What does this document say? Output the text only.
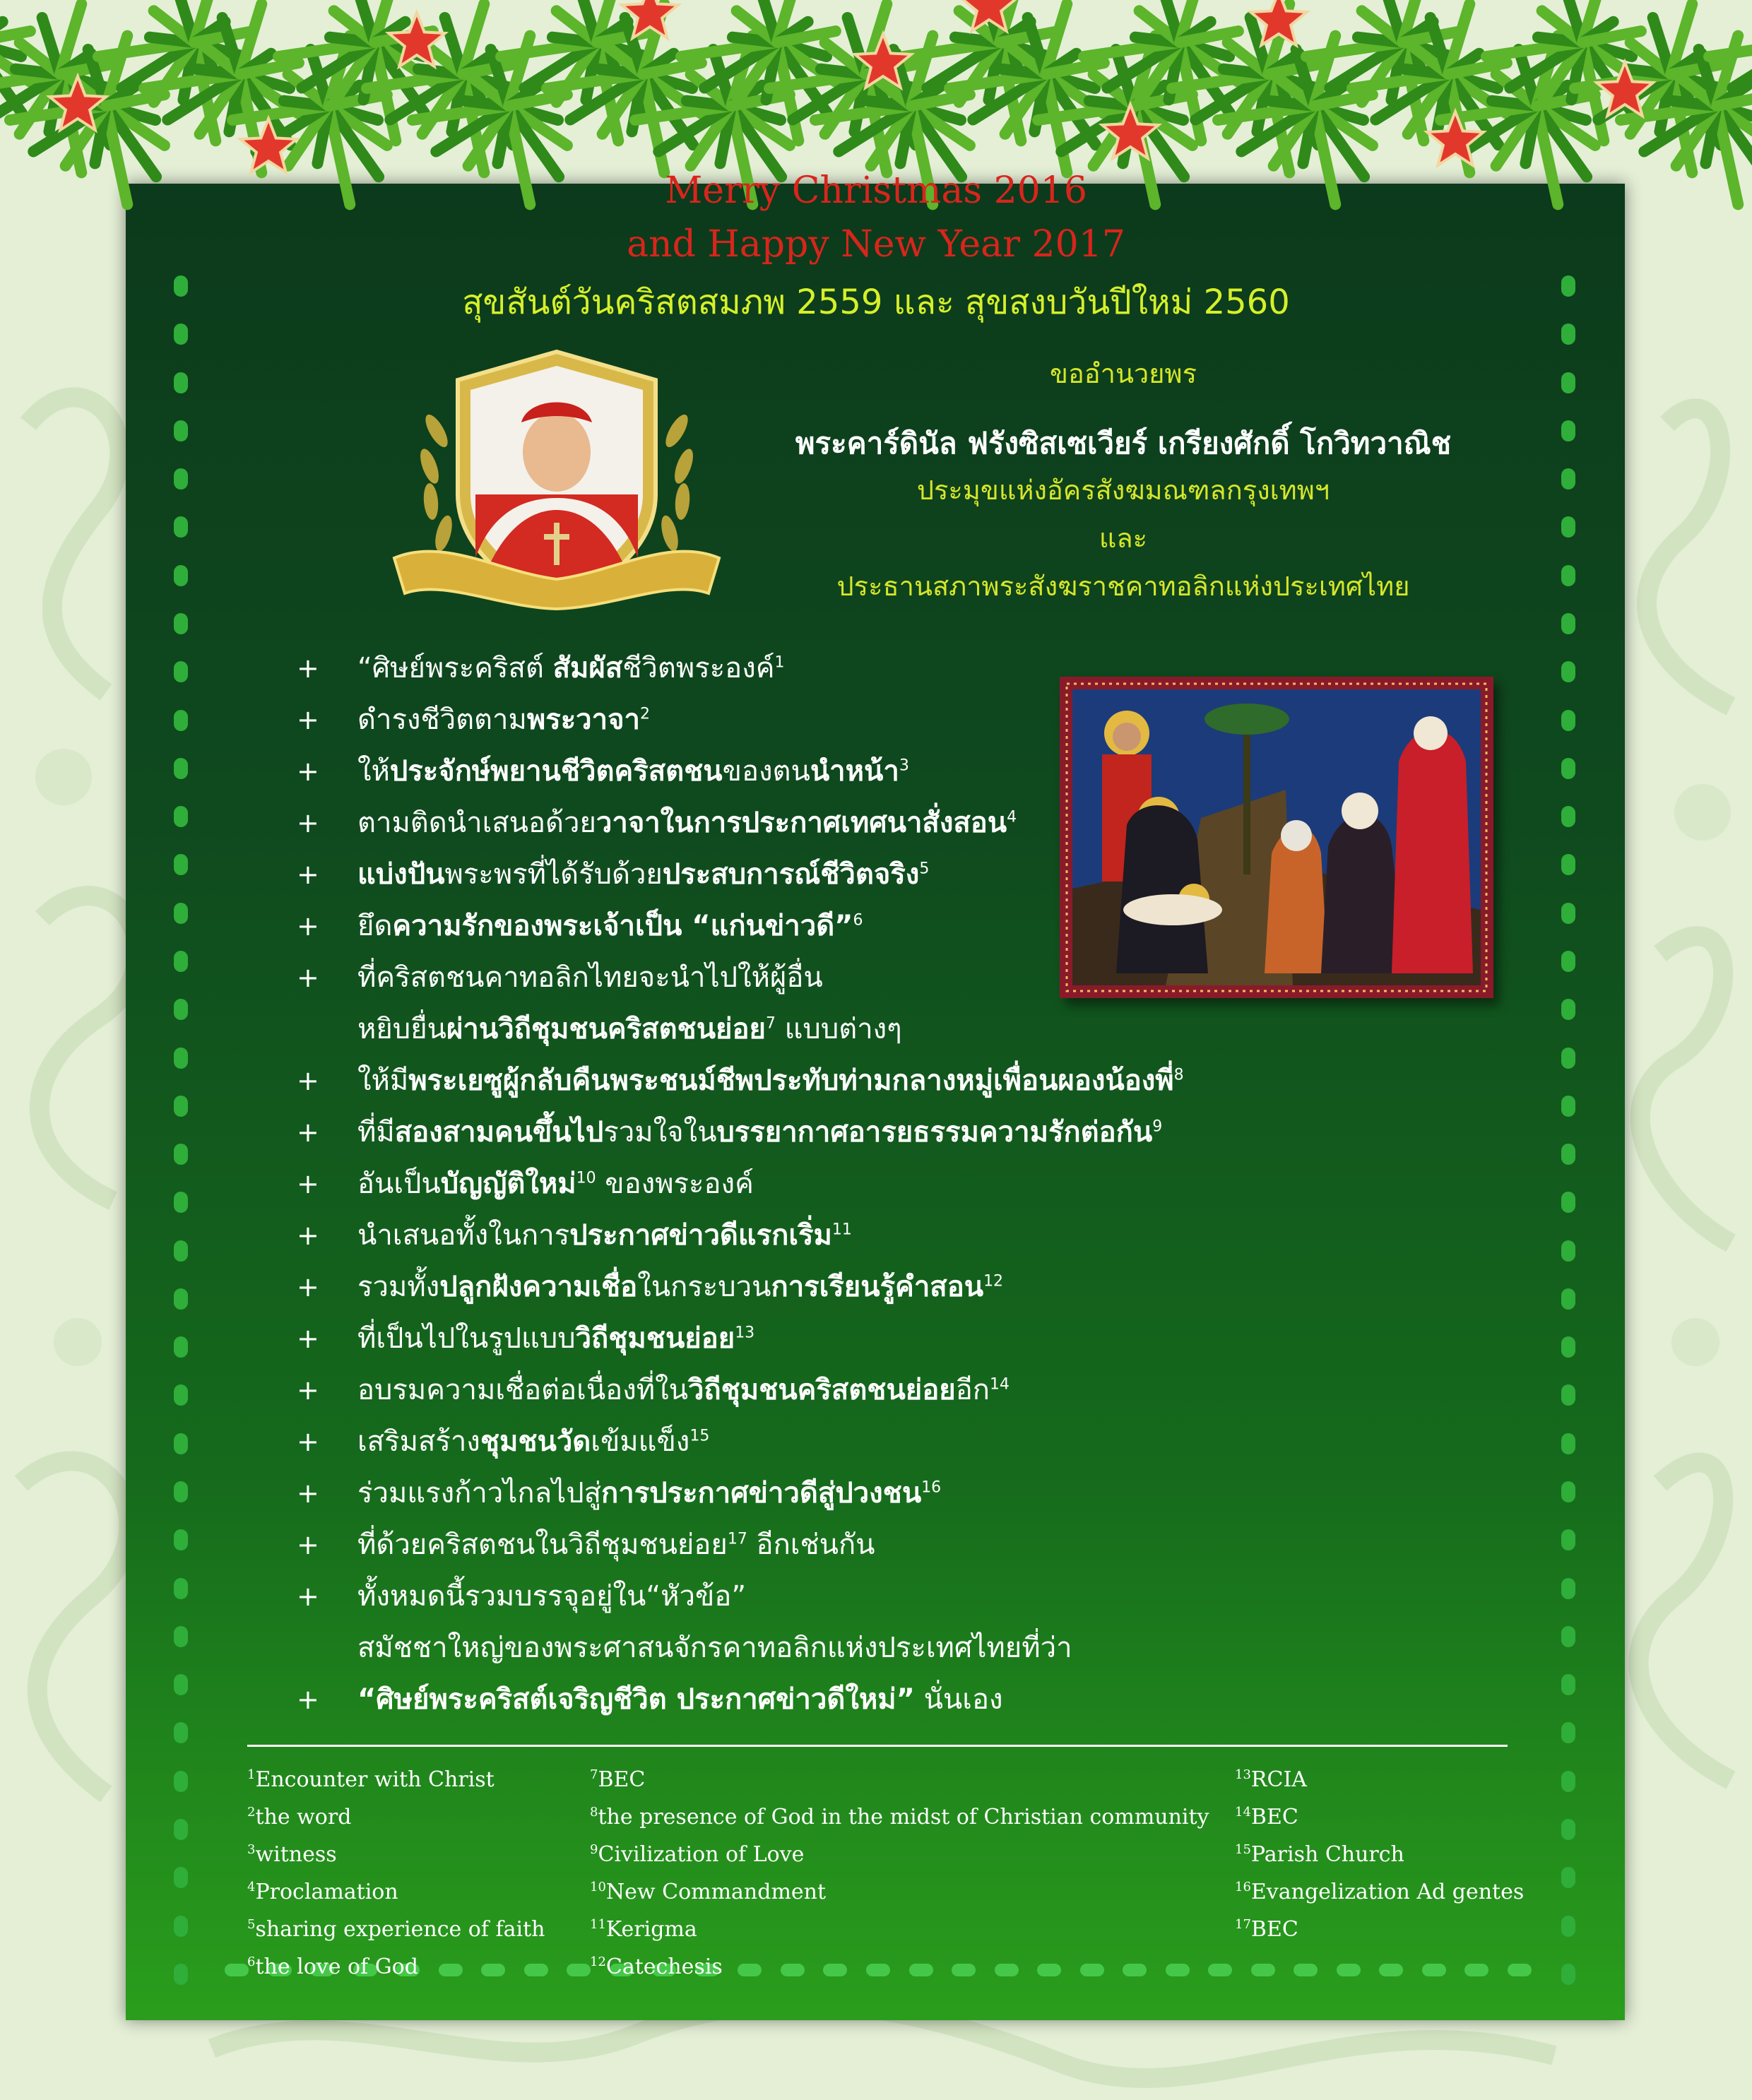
Merry Christmas 2016
and Happy New Year 2017
สุขสันต์วันคริสตสมภพ 2559 และ สุขสงบวันปีใหม่ 2560
ขออำนวยพร
พระคาร์ดินัล ฟรังซิสเซเวียร์ เกรียงศักดิ์ โกวิทวาณิช
ประมุขแห่งอัครสังฆมณฑลกรุงเทพฯ
และ
ประธานสภาพระสังฆราชคาทอลิกแห่งประเทศไทย
+	“ศิษย์พระคริสต์ สัมผัสชีวิตพระองค์$^1$
+	ดำรงชีวิตตามพระวาจา$^2$
+	ให้ประจักษ์พยานชีวิตคริสตชนของตนนำหน้า$^3$
+	ตามติดนำเสนอด้วยวาจาในการประกาศเทศนาสั่งสอน$^4$
+	แบ่งปันพระพรที่ได้รับด้วยประสบการณ์ชีวิตจริง$^5$
+	ยึดความรักของพระเจ้าเป็น “แก่นข่าวดี”$^6$
+	ที่คริสตชนคาทอลิกไทยจะนำไปให้ผู้อื่น
หยิบยื่นผ่านวิถีชุมชนคริสตชนย่อย$^7$ แบบต่างๆ
+	ให้มีพระเยซูผู้กลับคืนพระชนม์ชีพประทับท่ามกลางหมู่เพื่อนผองน้องพี่$^8$
+	ที่มีสองสามคนขึ้นไปรวมใจในบรรยากาศอารยธรรมความรักต่อกัน$^9$
+	อันเป็นบัญญัติใหม่$^{10}$ ของพระองค์
+	นำเสนอทั้งในการประกาศข่าวดีแรกเริ่ม$^{11}$
+	รวมทั้งปลูกฝังความเชื่อในกระบวนการเรียนรู้คำสอน$^{12}$
+	ที่เป็นไปในรูปแบบวิถีชุมชนย่อย$^{13}$
+	อบรมความเชื่อต่อเนื่องที่ในวิถีชุมชนคริสตชนย่อยอีก$^{14}$
+	เสริมสร้างชุมชนวัดเข้มแข็ง$^{15}$
+	ร่วมแรงก้าวไกลไปสู่การประกาศข่าวดีสู่ปวงชน$^{16}$
+	ที่ด้วยคริสตชนในวิถีชุมชนย่อย$^{17}$ อีกเช่นกัน
+	ทั้งหมดนี้รวมบรรจุอยู่ใน“หัวข้อ”
สมัชชาใหญ่ของพระศาสนจักรคาทอลิกแห่งประเทศไทยที่ว่า
+	“ศิษย์พระคริสต์เจริญชีวิต ประกาศข่าวดีใหม่” นั่นเอง
$^1$Encounter with Christ
$^2$the word
$^3$witness
$^4$Proclamation
$^5$sharing experience of faith
$^6$the love of God
$^7$BEC
$^8$the presence of God in the midst of Christian community
$^9$Civilization of Love
$^{10}$New Commandment
$^{11}$Kerigma
$^{12}$Catechesis
$^{13}$RCIA
$^{14}$BEC
$^{15}$Parish Church
$^{16}$Evangelization Ad gentes
$^{17}$BEC
